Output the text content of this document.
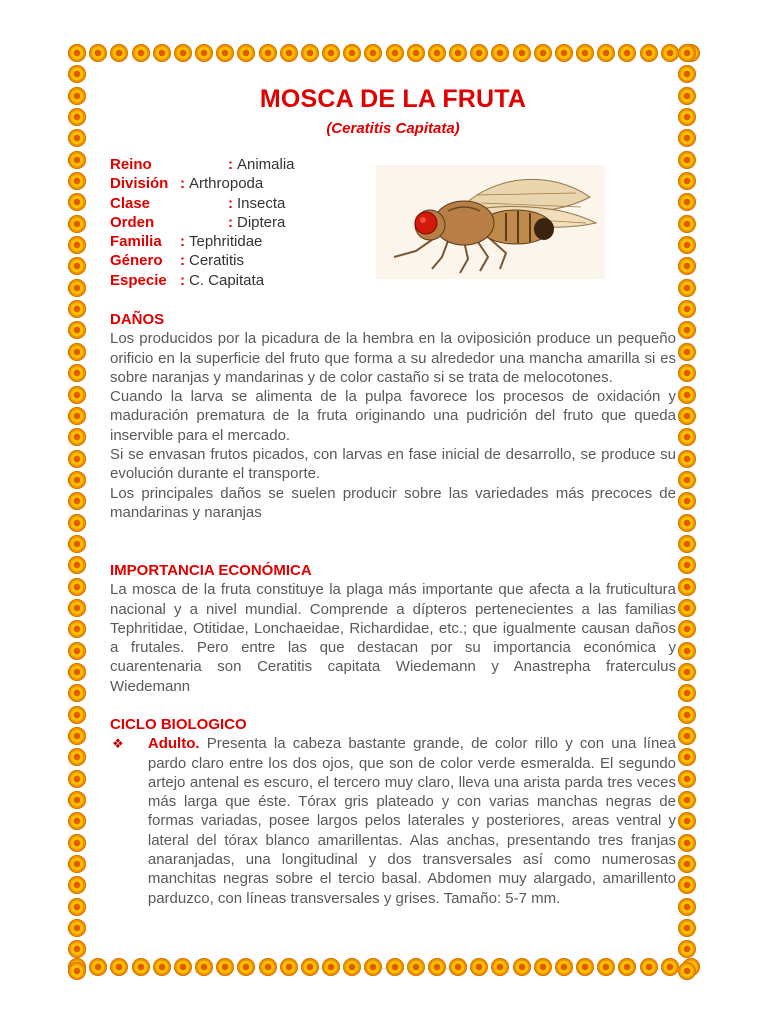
MOSCA DE LA FRUTA
(Ceratitis Capitata)
Reino	: Animalia
División : Arthropoda
Clase	: Insecta
Orden	: Diptera
Familia	: Tephritidae
Género	: Ceratitis
Especie : C. Capitata
DAÑOS
Los producidos por la picadura de la hembra en la oviposición produce un pequeño orificio en la superficie del fruto que forma a su alrededor una mancha amarilla si es sobre naranjas y mandarinas y de color castaño si se trata de melocotones.
Cuando la larva se alimenta de la pulpa favorece los procesos de oxidación y maduración prematura de la fruta originando una pudrición del fruto que queda inservible para el mercado.
Si se envasan frutos picados, con larvas en fase inicial de desarrollo, se produce su evolución durante el transporte.
Los principales daños se suelen producir sobre las variedades más precoces de mandarinas y naranjas
IMPORTANCIA ECONÓMICA
La mosca de la fruta constituye la plaga más importante que afecta a la fruticultura nacional y a nivel mundial. Comprende a dípteros pertenecientes a las familias Tephritidae, Otitidae, Lonchaeidae, Richardidae, etc.; que igualmente causan daños a frutales. Pero entre las que destacan por su importancia económica y cuarentenaria son Ceratitis capitata Wiedemann y Anastrepha fraterculus Wiedemann
CICLO BIOLOGICO
❖	Adulto. Presenta la cabeza bastante grande, de color rillo y con una línea pardo claro entre los dos ojos, que son de color verde esmeralda. El segundo artejo antenal es escuro, el tercero muy claro, lleva una arista parda tres veces más larga que éste. Tórax gris plateado y con varias manchas negras de formas variadas, posee largos pelos laterales y posteriores, areas ventral y lateral del tórax blanco amarillentas. Alas anchas, presentando tres franjas anaranjadas, una longitudinal y dos transversales así como numerosas manchitas negras sobre el tercio basal. Abdomen muy alargado, amarillento parduzco, con líneas transversales y grises. Tamaño: 5-7 mm.
